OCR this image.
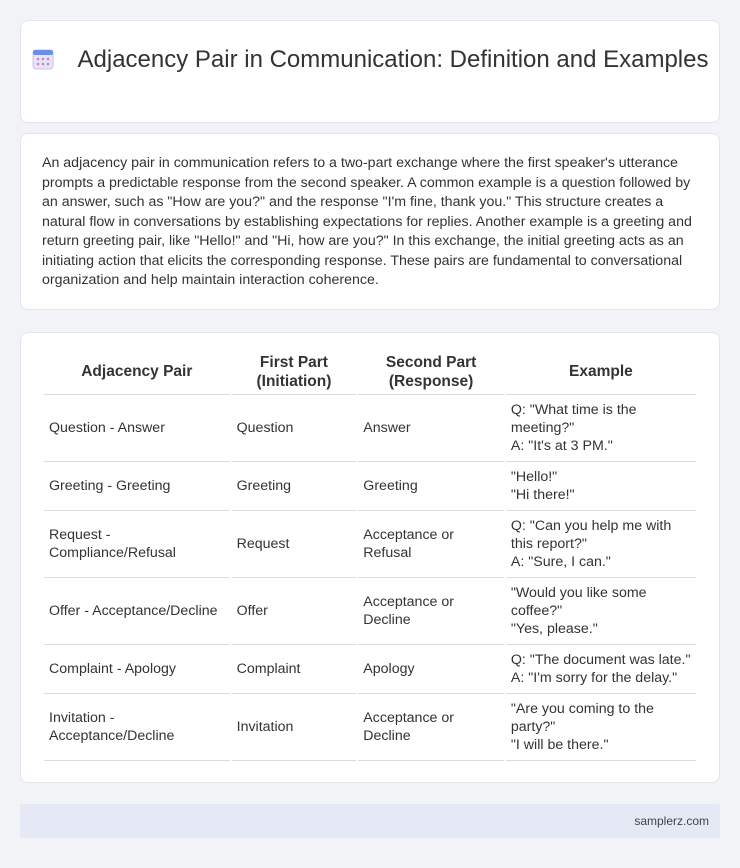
Adjacency Pair in Communication: Definition and Examples

An adjacency pair in communication refers to a two-part exchange where the first speaker's utterance prompts a predictable response from the second speaker. A common example is a question followed by an answer, such as "How are you?" and the response "I'm fine, thank you." This structure creates a natural flow in conversations by establishing expectations for replies. Another example is a greeting and return greeting pair, like "Hello!" and "Hi, how are you?" In this exchange, the initial greeting acts as an initiating action that elicits the corresponding response. These pairs are fundamental to conversational organization and help maintain interaction coherence.

Adjacency Pair	First Part (Initiation)	Second Part (Response)	Example
Question - Answer	Question	Answer	Q: "What time is the meeting?"
A: "It's at 3 PM."

Greeting - Greeting	Greeting	Greeting	"Hello!"
"Hi there!"

Request - Compliance/Refusal	Request	Acceptance or Refusal	Q: "Can you help me with this report?"
A: "Sure, I can."

Offer - Acceptance/Decline	Offer	Acceptance or Decline	"Would you like some coffee?"
"Yes, please."

Complaint - Apology	Complaint	Apology	Q: "The document was late."
A: "I'm sorry for the delay."

Invitation - Acceptance/Decline	Invitation	Acceptance or Decline	"Are you coming to the party?"
"I will be there."
samplerz.com
